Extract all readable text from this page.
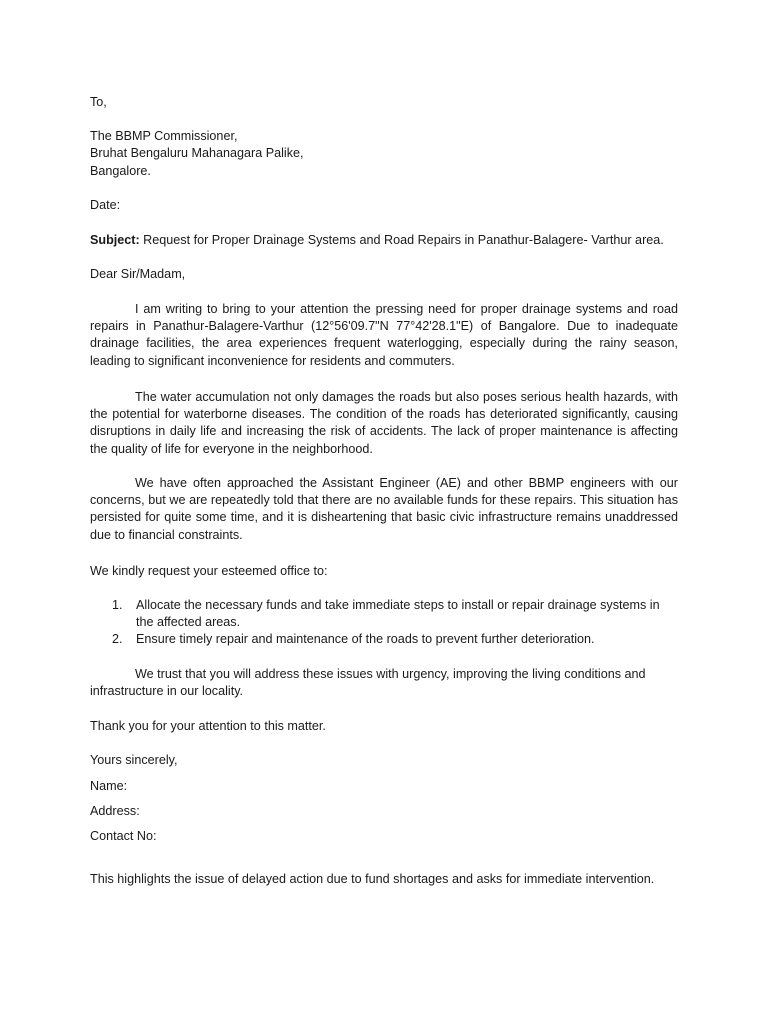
To,
The BBMP Commissioner,
Bruhat Bengaluru Mahanagara Palike,
Bangalore.
Date:
Subject: Request for Proper Drainage Systems and Road Repairs in Panathur-Balagere- Varthur area.
Dear Sir/Madam,
I am writing to bring to your attention the pressing need for proper drainage systems and road repairs in Panathur-Balagere-Varthur (12°56'09.7"N 77°42'28.1"E) of Bangalore. Due to inadequate drainage facilities, the area experiences frequent waterlogging, especially during the rainy season, leading to significant inconvenience for residents and commuters.
The water accumulation not only damages the roads but also poses serious health hazards, with the potential for waterborne diseases. The condition of the roads has deteriorated significantly, causing disruptions in daily life and increasing the risk of accidents. The lack of proper maintenance is affecting the quality of life for everyone in the neighborhood.
We have often approached the Assistant Engineer (AE) and other BBMP engineers with our concerns, but we are repeatedly told that there are no available funds for these repairs. This situation has persisted for quite some time, and it is disheartening that basic civic infrastructure remains unaddressed due to financial constraints.
We kindly request your esteemed office to:
1. Allocate the necessary funds and take immediate steps to install or repair drainage systems in the affected areas.
2. Ensure timely repair and maintenance of the roads to prevent further deterioration.
We trust that you will address these issues with urgency, improving the living conditions and infrastructure in our locality.
Thank you for your attention to this matter.
Yours sincerely,
Name:
Address:
Contact No:
This highlights the issue of delayed action due to fund shortages and asks for immediate intervention.
